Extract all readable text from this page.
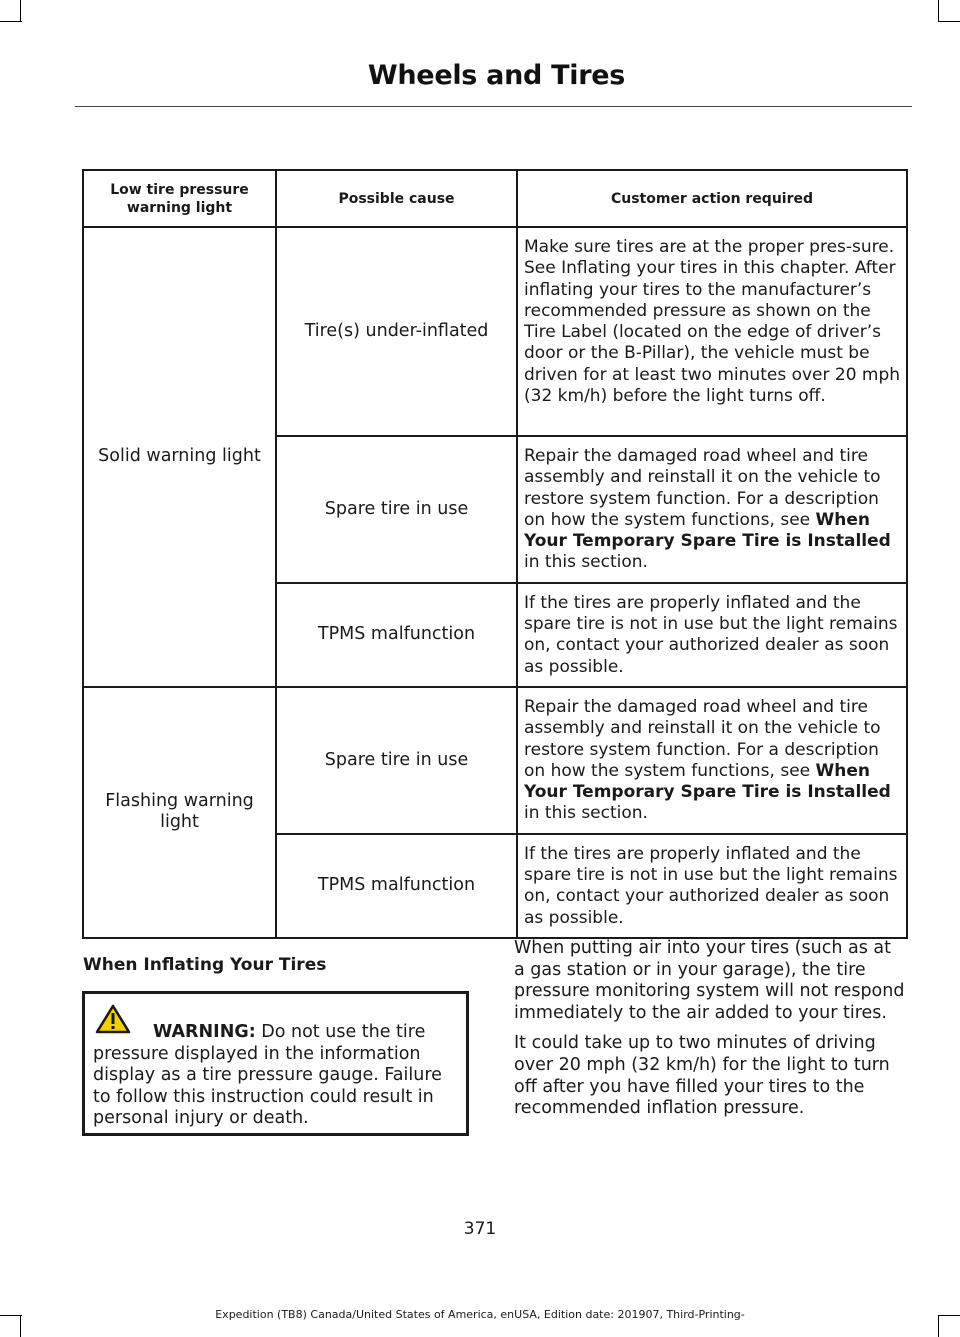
Wheels and Tires
Low tire pressure warning light	Possible cause	Customer action required
Solid warning light	Tire(s) under-inflated	Make sure tires are at the proper pres-sure. See Inflating your tires in this chapter. After inflating your tires to the manufacturer’s recommended pressure as shown on the Tire Label (located on the edge of driver’s door or the B-Pillar), the vehicle must be driven for at least two minutes over 20 mph (32 km/h) before the light turns off.
	Spare tire in use	Repair the damaged road wheel and tire assembly and reinstall it on the vehicle to restore system function. For a description on how the system functions, see When Your Temporary Spare Tire is Installed in this section.
	TPMS malfunction	If the tires are properly inflated and the spare tire is not in use but the light remains on, contact your authorized dealer as soon as possible.
Flashing warning light	Spare tire in use	Repair the damaged road wheel and tire assembly and reinstall it on the vehicle to restore system function. For a description on how the system functions, see When Your Temporary Spare Tire is Installed in this section.
	TPMS malfunction	If the tires are properly inflated and the spare tire is not in use but the light remains on, contact your authorized dealer as soon as possible.
When Inflating Your Tires
WARNING: Do not use the tire pressure displayed in the information display as a tire pressure gauge. Failure to follow this instruction could result in personal injury or death.

When putting air into your tires (such as at a gas station or in your garage), the tire pressure monitoring system will not respond immediately to the air added to your tires.

It could take up to two minutes of driving over 20 mph (32 km/h) for the light to turn off after you have filled your tires to the recommended inflation pressure.

371
Expedition (TB8) Canada/United States of America, enUSA, Edition date: 201907, Third-Printing-
